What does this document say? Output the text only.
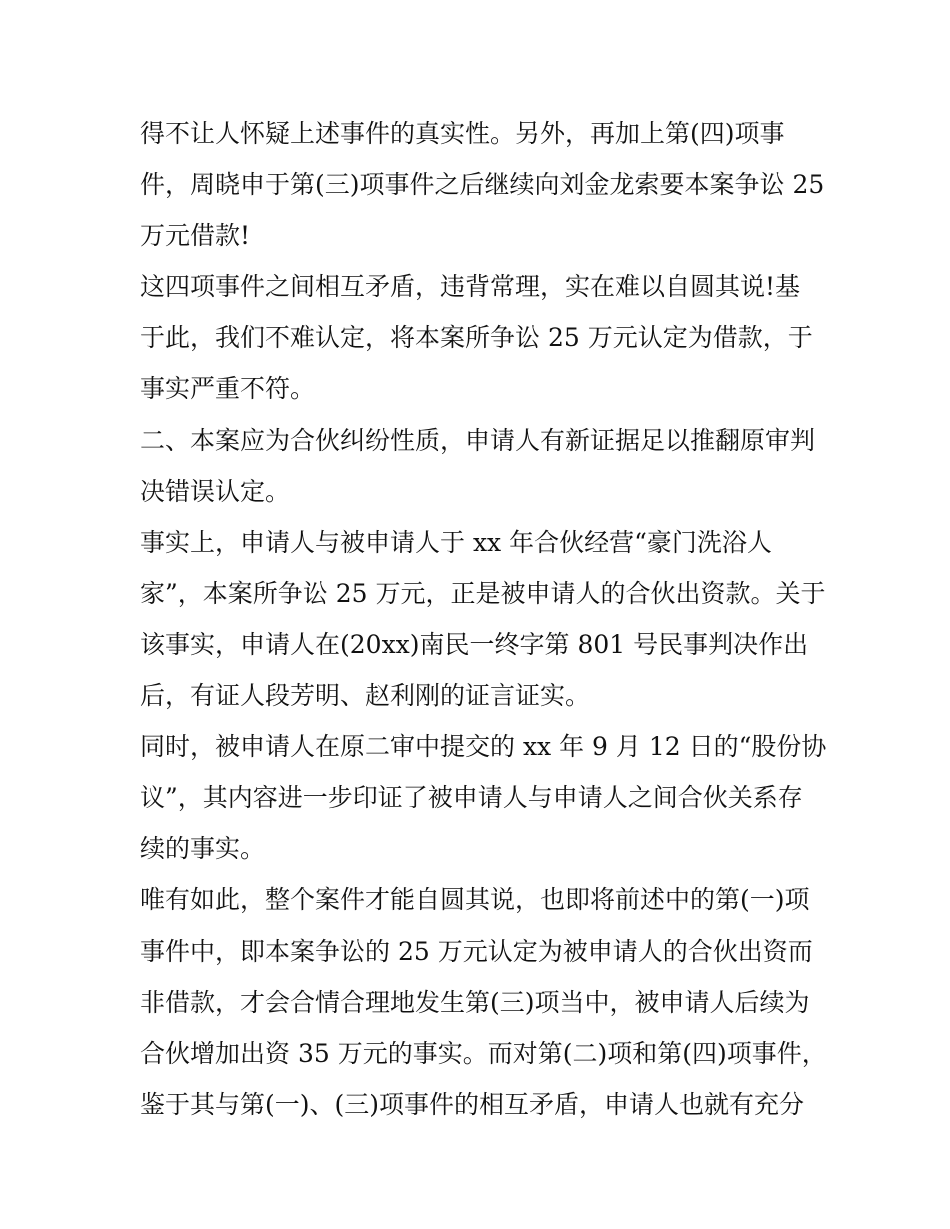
得不让人怀疑上述事件的真实性。另外，再加上第(四)项事
件，周晓申于第(三)项事件之后继续向刘金龙索要本案争讼 25
万元借款!
这四项事件之间相互矛盾，违背常理，实在难以自圆其说!基
于此，我们不难认定，将本案所争讼 25 万元认定为借款，于
事实严重不符。
二、本案应为合伙纠纷性质，申请人有新证据足以推翻原审判
决错误认定。
事实上，申请人与被申请人于 xx 年合伙经营“豪门洗浴人
家”，本案所争讼 25 万元，正是被申请人的合伙出资款。关于
该事实，申请人在(20xx)南民一终字第 801 号民事判决作出
后，有证人段芳明、赵利刚的证言证实。
同时，被申请人在原二审中提交的 xx 年 9 月 12 日的“股份协
议”，其内容进一步印证了被申请人与申请人之间合伙关系存
续的事实。
唯有如此，整个案件才能自圆其说，也即将前述中的第(一)项
事件中，即本案争讼的 25 万元认定为被申请人的合伙出资而
非借款，才会合情合理地发生第(三)项当中，被申请人后续为
合伙增加出资 35 万元的事实。而对第(二)项和第(四)项事件，
鉴于其与第(一)、(三)项事件的相互矛盾，申请人也就有充分
